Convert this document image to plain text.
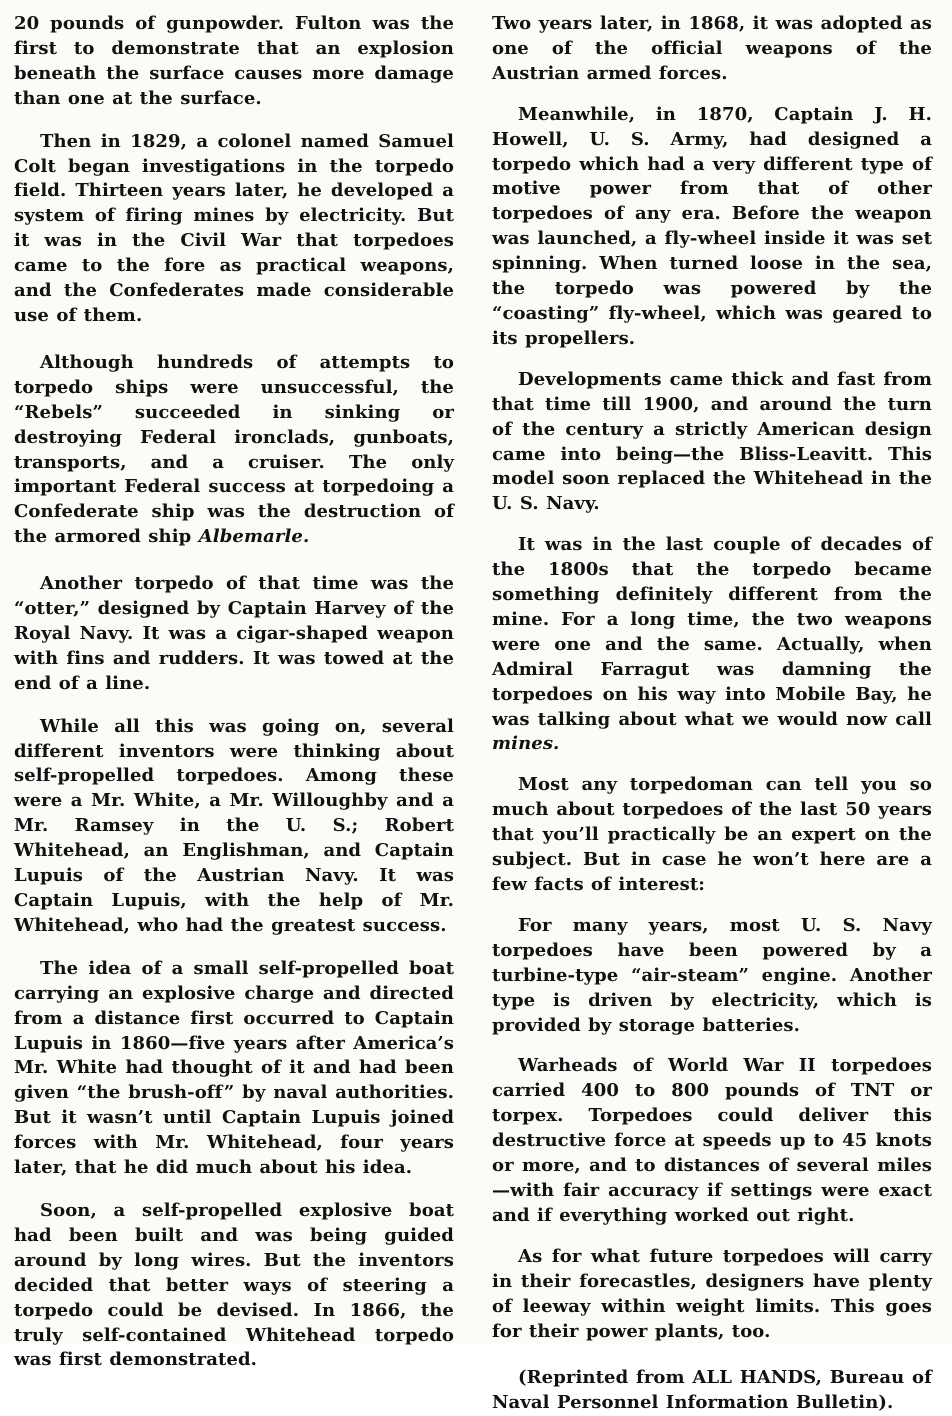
20 pounds of gunpowder. Fulton was the first to demonstrate that an explosion beneath the surface causes more damage than one at the surface.

Then in 1829, a colonel named Samuel Colt began investigations in the torpedo field. Thirteen years later, he developed a system of firing mines by electricity. But it was in the Civil War that torpedoes came to the fore as practical weapons, and the Confederates made considerable use of them.

Although hundreds of attempts to torpedo ships were unsuccessful, the “Rebels” succeeded in sinking or destroying Federal ironclads, gunboats, transports, and a cruiser. The only important Federal success at torpedoing a Confederate ship was the destruction of the armored ship Albemarle.

Another torpedo of that time was the “otter,” designed by Captain Harvey of the Royal Navy. It was a cigar-shaped weapon with fins and rudders. It was towed at the end of a line.

While all this was going on, several different inventors were thinking about self-propelled torpedoes. Among these were a Mr. White, a Mr. Willoughby and a Mr. Ramsey in the U. S.; Robert Whitehead, an Englishman, and Captain Lupuis of the Austrian Navy. It was Captain Lupuis, with the help of Mr. Whitehead, who had the greatest success.

The idea of a small self-propelled boat carrying an explosive charge and directed from a distance first occurred to Captain Lupuis in 1860—five years after America’s Mr. White had thought of it and had been given “the brush-off” by naval authorities. But it wasn’t until Captain Lupuis joined forces with Mr. Whitehead, four years later, that he did much about his idea.

Soon, a self-propelled explosive boat had been built and was being guided around by long wires. But the inventors decided that better ways of steering a torpedo could be devised. In 1866, the truly self-contained Whitehead torpedo was first demonstrated.

Two years later, in 1868, it was adopted as one of the official weapons of the Austrian armed forces.

Meanwhile, in 1870, Captain J. H. Howell, U. S. Army, had designed a torpedo which had a very different type of motive power from that of other torpedoes of any era. Before the weapon was launched, a fly-wheel inside it was set spinning. When turned loose in the sea, the torpedo was powered by the “coasting” fly-wheel, which was geared to its propellers.

Developments came thick and fast from that time till 1900, and around the turn of the century a strictly American design came into being—the Bliss-Leavitt. This model soon replaced the Whitehead in the U. S. Navy.

It was in the last couple of decades of the 1800s that the torpedo became something definitely different from the mine. For a long time, the two weapons were one and the same. Actually, when Admiral Farragut was damning the torpedoes on his way into Mobile Bay, he was talking about what we would now call mines.

Most any torpedoman can tell you so much about torpedoes of the last 50 years that you’ll practically be an expert on the subject. But in case he won’t here are a few facts of interest:

For many years, most U. S. Navy torpedoes have been powered by a turbine-type “air-steam” engine. Another type is driven by electricity, which is provided by storage batteries.

Warheads of World War II torpedoes carried 400 to 800 pounds of TNT or torpex. Torpedoes could deliver this destructive force at speeds up to 45 knots or more, and to distances of several miles—with fair accuracy if settings were exact and if everything worked out right.

As for what future torpedoes will carry in their forecastles, designers have plenty of leeway within weight limits. This goes for their power plants, too.

(Reprinted from ALL HANDS, Bureau of Naval Personnel Information Bulletin).
